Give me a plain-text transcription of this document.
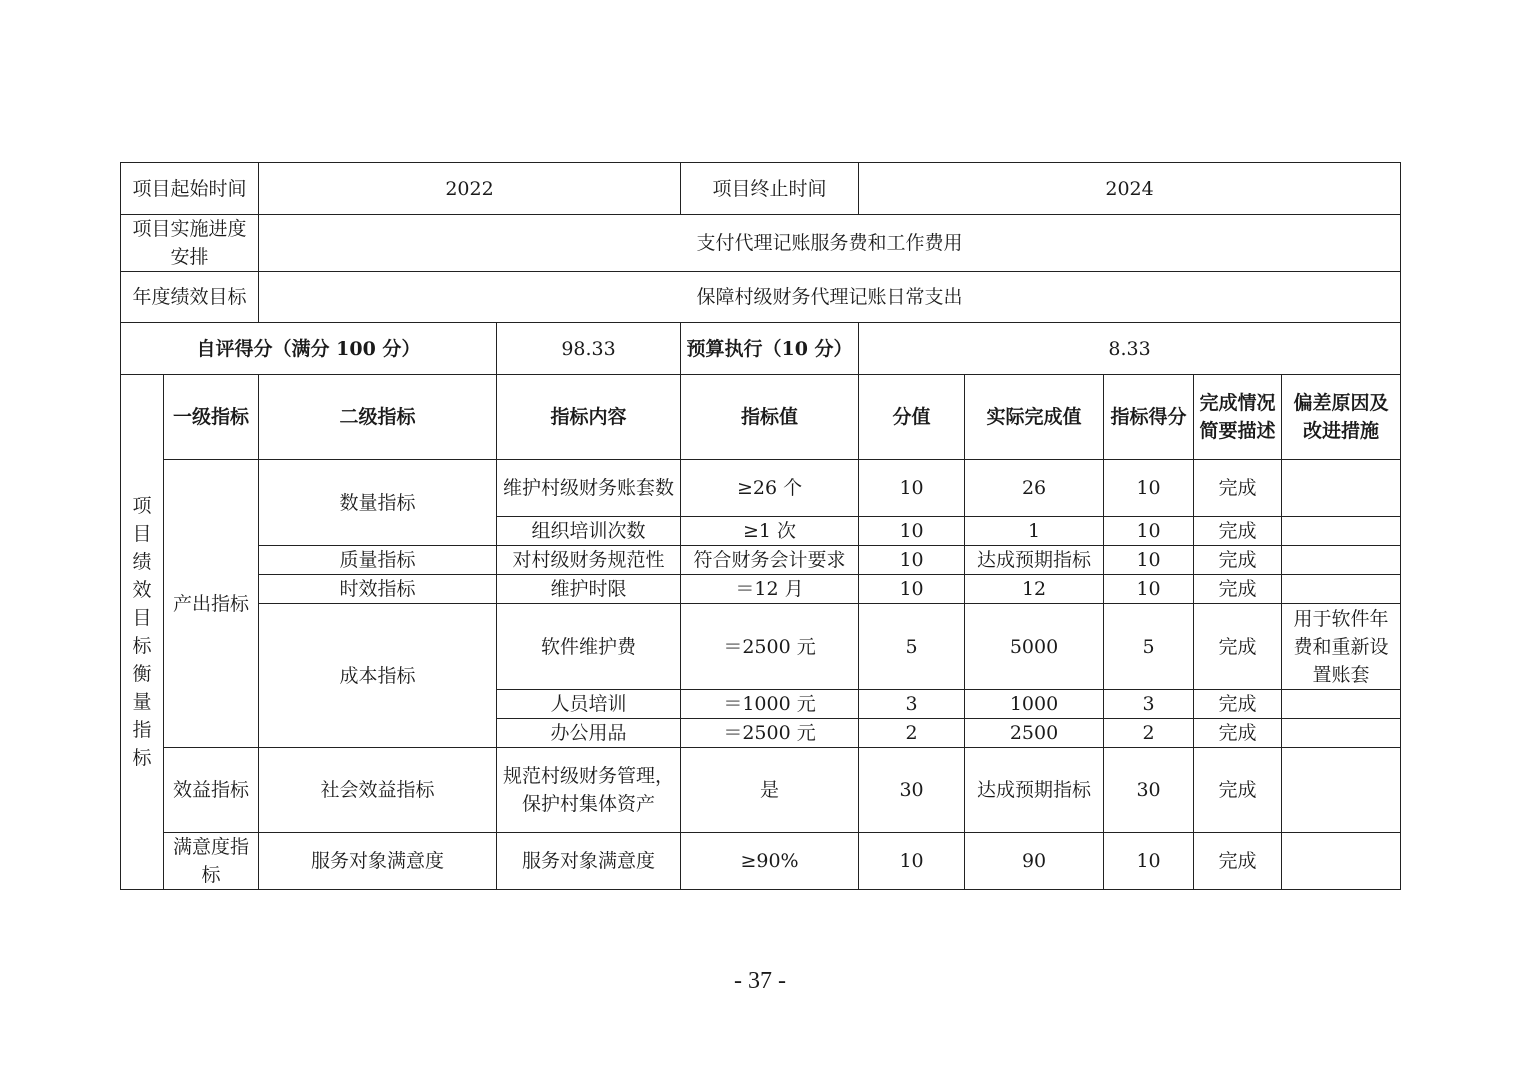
项目起始时间		2022		项目终止时间	2024				
项目实施进度安排		支付代理记账服务费和工作费用							
年度绩效目标		保障村级财务代理记账日常支出							
自评得分（满分 100 分）			98.33	预算执行（10 分）	8.33				

项目绩效目标衡量指标	一级指标	二级指标	指标内容	指标值	分值	实际完成值	指标得分	完成情况简要描述	偏差原因及改进措施
	产出指标	数量指标	维护村级财务账套数	≥26 个	10	26	10	完成	
			组织培训次数	≥1 次	10	1	10	完成	
		质量指标	对村级财务规范性	符合财务会计要求	10	达成预期指标	10	完成	
		时效指标	维护时限	＝12 月	10	12	10	完成	
		成本指标	软件维护费	＝2500 元	5	5000	5	完成	用于软件年费和重新设置账套
			人员培训	＝1000 元	3	1000	3	完成	
			办公用品	＝2500 元	2	2500	2	完成	
	效益指标	社会效益指标	规范村级财务管理，保护村集体资产	是	30	达成预期指标	30	完成	
	满意度指标	服务对象满意度	服务对象满意度	≥90%	10	90	10	完成	
- 37 -
